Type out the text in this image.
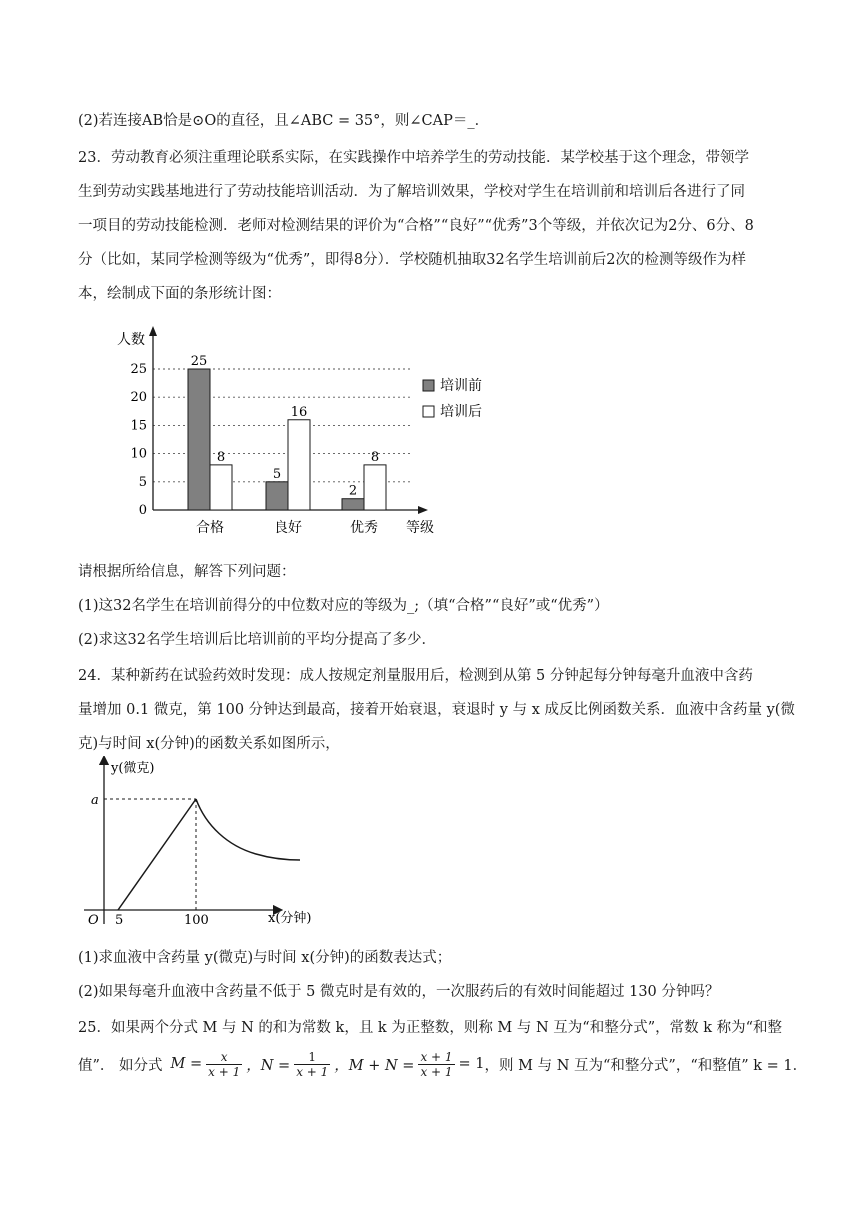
(2)若连接AB恰是⊙O的直径，且∠ABC = 35°，则∠CAP＝_．
23．劳动教育必须注重理论联系实际，在实践操作中培养学生的劳动技能．某学校基于这个理念，带领学
生到劳动实践基地进行了劳动技能培训活动．为了解培训效果，学校对学生在培训前和培训后各进行了同
一项目的劳动技能检测．老师对检测结果的评价为“合格”“良好”“优秀”3个等级，并依次记为2分、6分、8
分（比如，某同学检测等级为“优秀”，即得8分）．学校随机抽取32名学生培训前后2次的检测等级作为样
本，绘制成下面的条形统计图：
0
5
10
15
20
25
人数
等级
25
8
合格
5
16
良好
2
8
优秀
培训前
培训后
请根据所给信息，解答下列问题：
(1)这32名学生在培训前得分的中位数对应的等级为_;（填“合格”“良好”或“优秀”）
(2)求这32名学生培训后比培训前的平均分提高了多少．
24．某种新药在试验药效时发现：成人按规定剂量服用后，检测到从第 5 分钟起每分钟每毫升血液中含药
量增加 0.1 微克，第 100 分钟达到最高，接着开始衰退，衰退时 y 与 x 成反比例函数关系．血液中含药量 y(微
克)与时间 x(分钟)的函数关系如图所示，
y(微克)
O 5	100
a
x(分钟)
(1)求血液中含药量 y(微克)与时间 x(分钟)的函数表达式；
(2)如果每毫升血液中含药量不低于 5 微克时是有效的，一次服药后的有效时间能超过 130 分钟吗？
25．如果两个分式 M 与 N 的和为常数 k，且 k 为正整数，则称 M 与 N 互为“和整分式”，常数 k 称为“和整
值”． 如分式 $M = \frac{x}{x + 1}$ ，$N = \frac{1}{x + 1}$ ，$M + N = \frac{x + 1}{x + 1} = 1$ ，则 M 与 N 互为“和整分式”，“和整值” k = 1．
